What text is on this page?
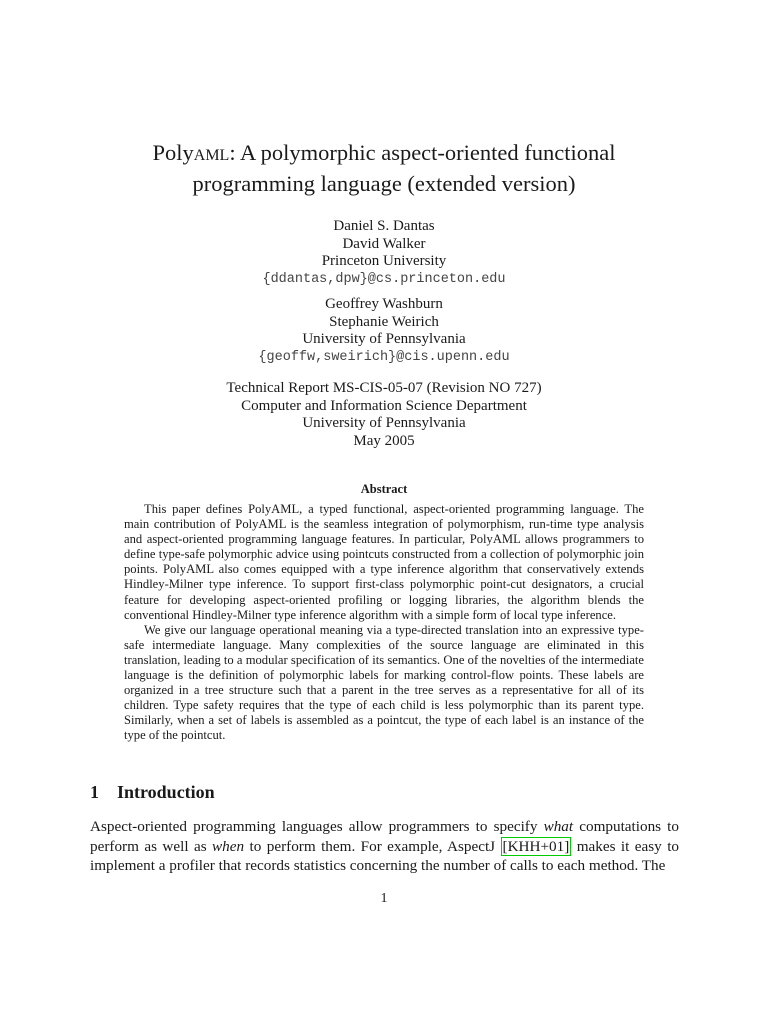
Polyaml: A polymorphic aspect-oriented functional
programming language (extended version)
Daniel S. Dantas
David Walker
Princeton University
{ddantas,dpw}@cs.princeton.edu
Geoffrey Washburn
Stephanie Weirich
University of Pennsylvania
{geoffw,sweirich}@cis.upenn.edu
Technical Report MS-CIS-05-07 (Revision NO 727)
Computer and Information Science Department
University of Pennsylvania
May 2005
Abstract

This paper defines PolyAML, a typed functional, aspect-oriented programming language. The main contribution of PolyAML is the seamless integration of polymorphism, run-time type analysis and aspect-oriented programming language features. In particular, PolyAML allows programmers to define type-safe polymorphic advice using pointcuts constructed from a collection of polymorphic join points. PolyAML also comes equipped with a type inference algorithm that conservatively extends Hindley-Milner type inference. To support first-class polymorphic point-cut designators, a crucial feature for developing aspect-oriented profiling or logging libraries, the algorithm blends the conventional Hindley-Milner type inference algorithm with a simple form of local type inference.

We give our language operational meaning via a type-directed translation into an expressive type-safe intermediate language. Many complexities of the source language are eliminated in this translation, leading to a modular specification of its semantics. One of the novelties of the intermediate language is the definition of polymorphic labels for marking control-flow points. These labels are organized in a tree structure such that a parent in the tree serves as a representative for all of its children. Type safety requires that the type of each child is less polymorphic than its parent type. Similarly, when a set of labels is assembled as a pointcut, the type of each label is an instance of the type of the pointcut.

1 Introduction

Aspect-oriented programming languages allow programmers to specify what computations to perform as well as when to perform them. For example, AspectJ [KHH+01] makes it easy to implement a profiler that records statistics concerning the number of calls to each method. The

1
